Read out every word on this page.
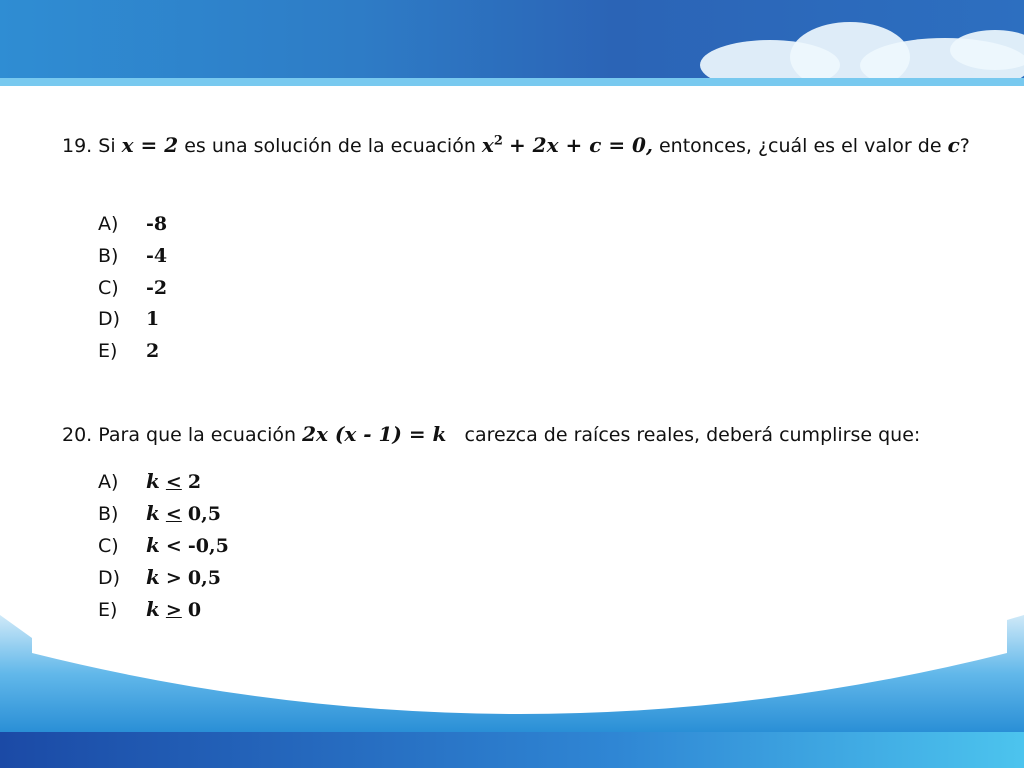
19. Si x = 2 es una solución de la ecuación $x^2 + 2x + c = 0$, entonces, ¿cuál es el valor de c?
A) -8
B) -4
C) -2
D) 1
E) 2
20. Para que la ecuación 2x (x - 1) = k carezca de raíces reales, deberá cumplirse que:
A) k < 2
B) k < 0,5
C) k < -0,5
D) k > 0,5
E) k > 0
